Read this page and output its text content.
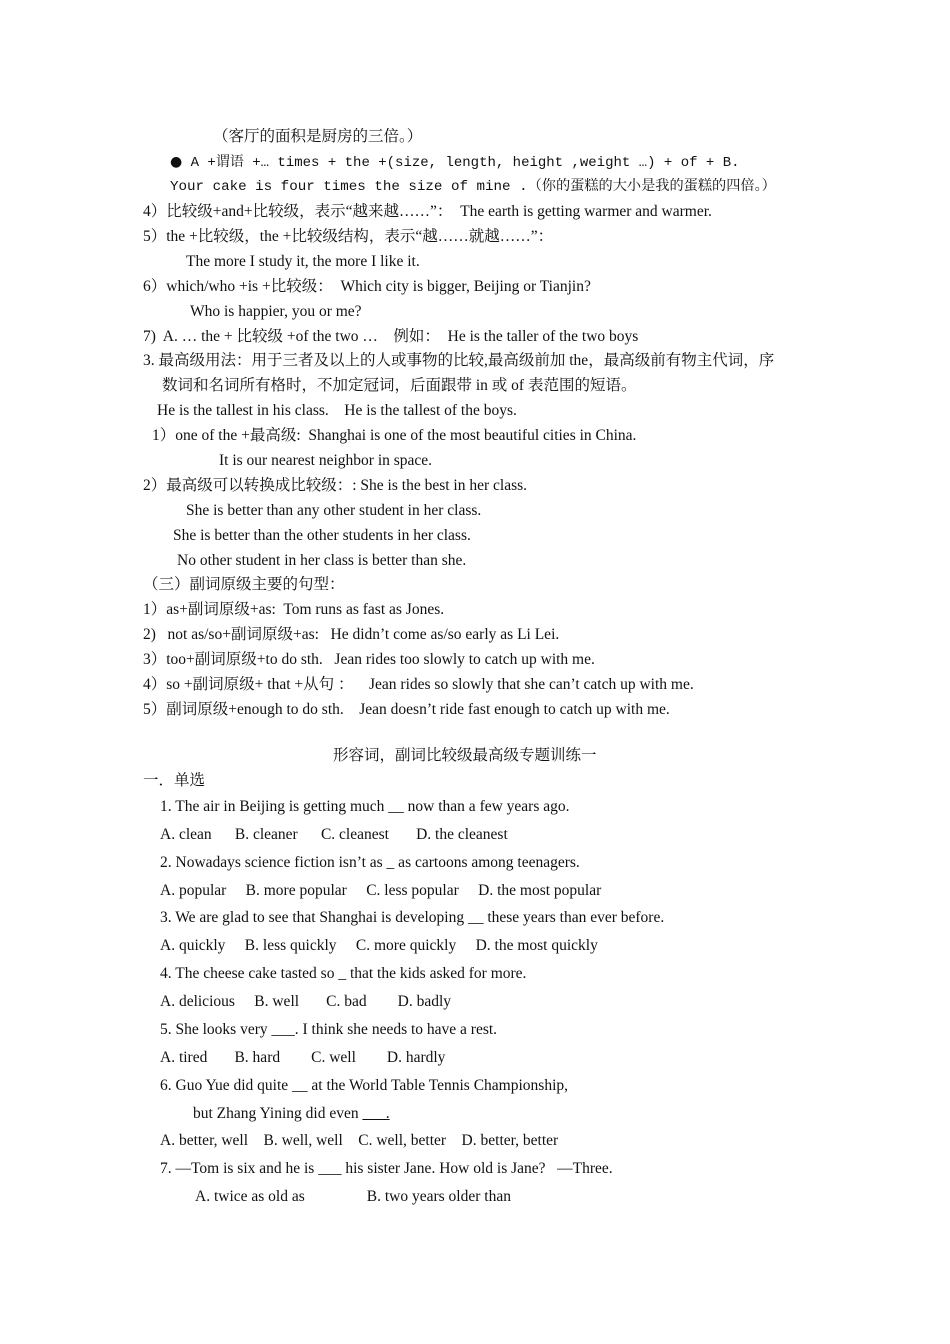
（客厅的面积是厨房的三倍。）
● A +谓语 +… times + the +(size, length, height ,weight …) + of + B.
Your cake is four times the size of mine .（你的蛋糕的大小是我的蛋糕的四倍。）
4）比较级+and+比较级，表示“越来越……”：  The earth is getting warmer and warmer.
5）the +比较级，the +比较级结构，表示“越……就越……”：
The more I study it, the more I like it.
6）which/who +is +比较级：  Which city is bigger, Beijing or Tianjin?
Who is happier, you or me?
7)  A. … the + 比较级 +of the two …    例如：  He is the taller of the two boys
3. 最高级用法：用于三者及以上的人或事物的比较,最高级前加 the，最高级前有物主代词，序
数词和名词所有格时，不加定冠词，后面跟带 in 或 of 表范围的短语。
He is the tallest in his class.    He is the tallest of the boys.
1）one of the +最高级:  Shanghai is one of the most beautiful cities in China.
It is our nearest neighbor in space.
2）最高级可以转换成比较级：: She is the best in her class.
She is better than any other student in her class.
She is better than the other students in her class.
No other student in her class is better than she.
（三）副词原级主要的句型：
1）as+副词原级+as:  Tom runs as fast as Jones.
2)   not as/so+副词原级+as:   He didn’t come as/so early as Li Lei.
3）too+副词原级+to do sth.   Jean rides too slowly to catch up with me.
4）so +副词原级+ that +从句 ：    Jean rides so slowly that she can’t catch up with me.
5）副词原级+enough to do sth.    Jean doesn’t ride fast enough to catch up with me.
形容词，副词比较级最高级专题训练一
一．单选
1. The air in Beijing is getting much __ now than a few years ago.
A. clean      B. cleaner      C. cleanest       D. the cleanest
2. Nowadays science fiction isn’t as _ as cartoons among teenagers.
A. popular     B. more popular     C. less popular     D. the most popular
3. We are glad to see that Shanghai is developing __ these years than ever before.
A. quickly     B. less quickly     C. more quickly     D. the most quickly
4. The cheese cake tasted so _ that the kids asked for more.
A. delicious     B. well       C. bad        D. badly
5. She looks very ___. I think she needs to have a rest.
A. tired       B. hard        C. well        D. hardly
6. Guo Yue did quite __ at the World Table Tennis Championship,
but Zhang Yining did even ___.
A. better, well    B. well, well    C. well, better    D. better, better
7. —Tom is six and he is ___ his sister Jane. How old is Jane?   —Three.
A. twice as old as                B. two years older than
